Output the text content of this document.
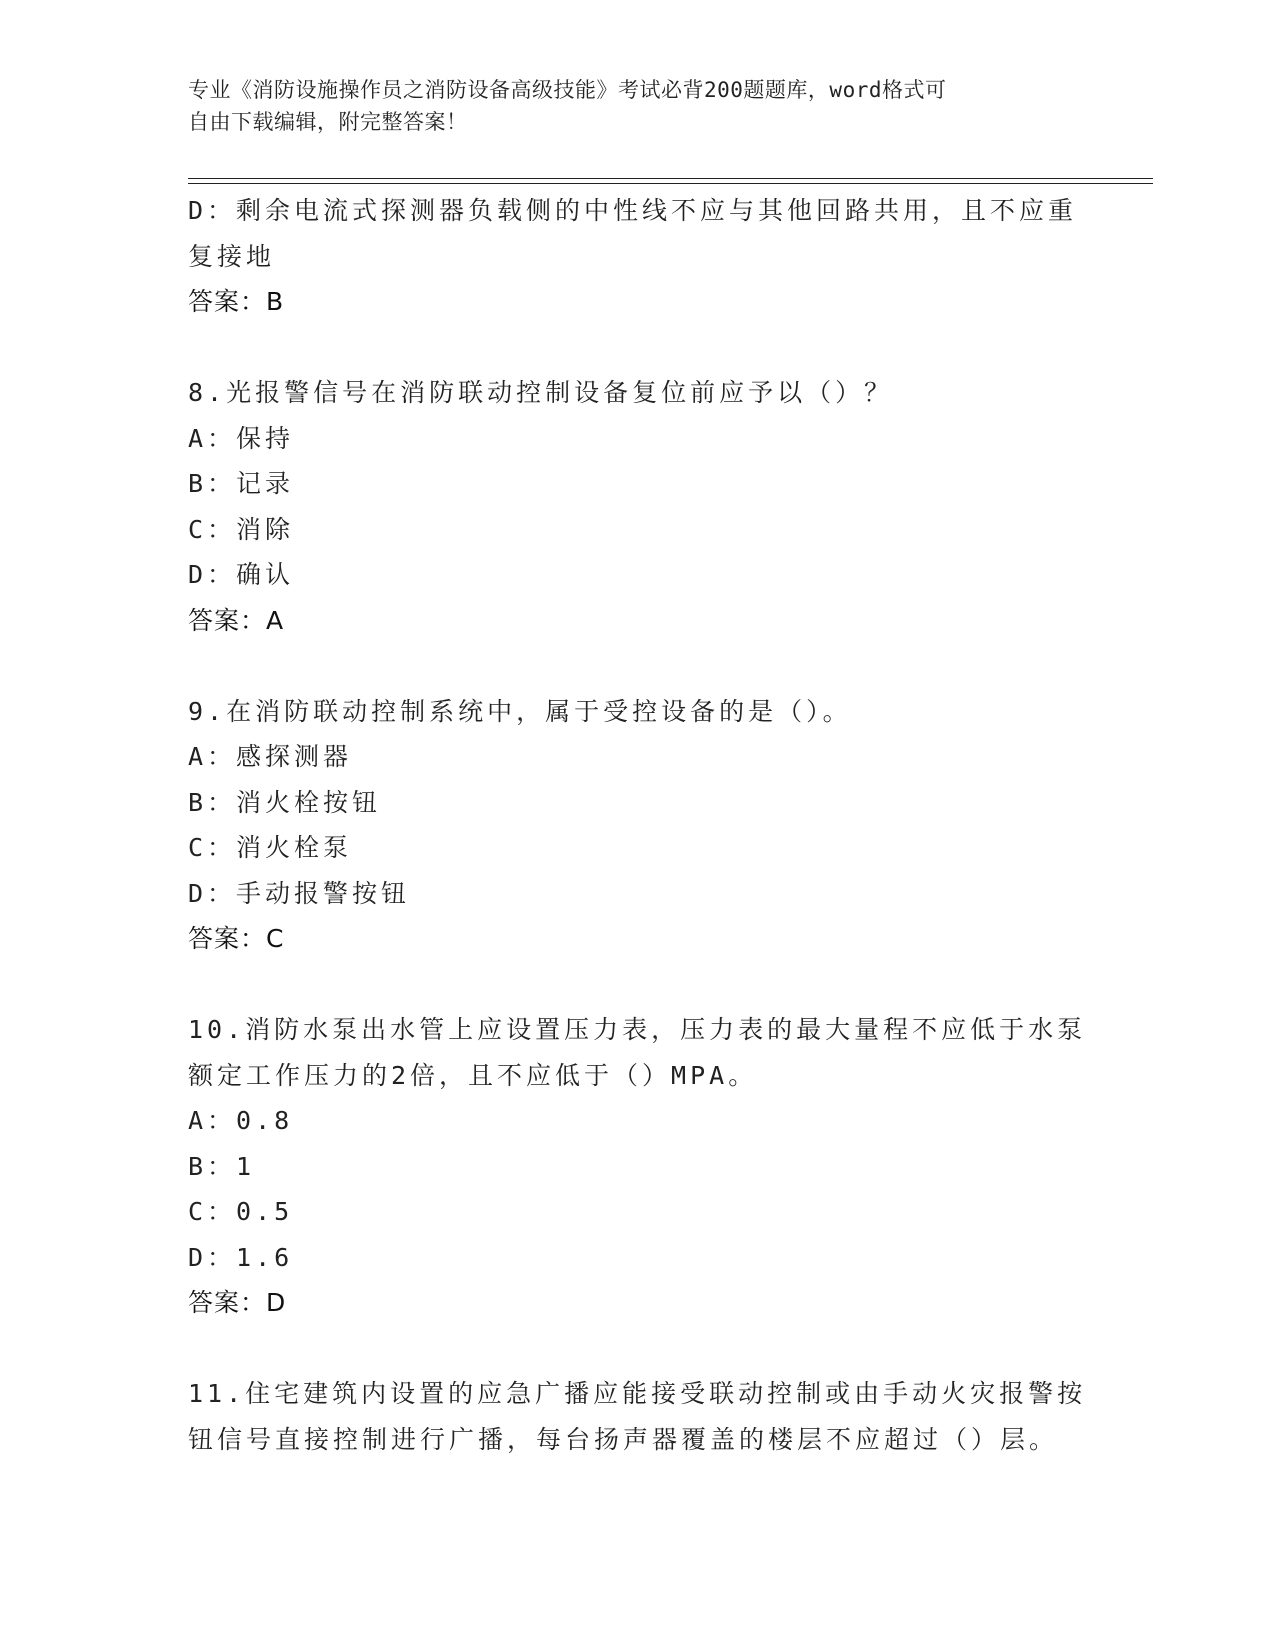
专业《消防设施操作员之消防设备高级技能》考试必背200题题库，word格式可
自由下载编辑，附完整答案！
D：剩余电流式探测器负载侧的中性线不应与其他回路共用，且不应重
复接地
答案：B
8.光报警信号在消防联动控制设备复位前应予以（）？
A：保持
B：记录
C：消除
D：确认
答案：A
9.在消防联动控制系统中，属于受控设备的是（）。
A：感探测器
B：消火栓按钮
C：消火栓泵
D：手动报警按钮
答案：C
10.消防水泵出水管上应设置压力表，压力表的最大量程不应低于水泵
额定工作压力的2倍，且不应低于（）MPA。
A：0.8
B：1
C：0.5
D：1.6
答案：D
11.住宅建筑内设置的应急广播应能接受联动控制或由手动火灾报警按
钮信号直接控制进行广播，每台扬声器覆盖的楼层不应超过（）层。
